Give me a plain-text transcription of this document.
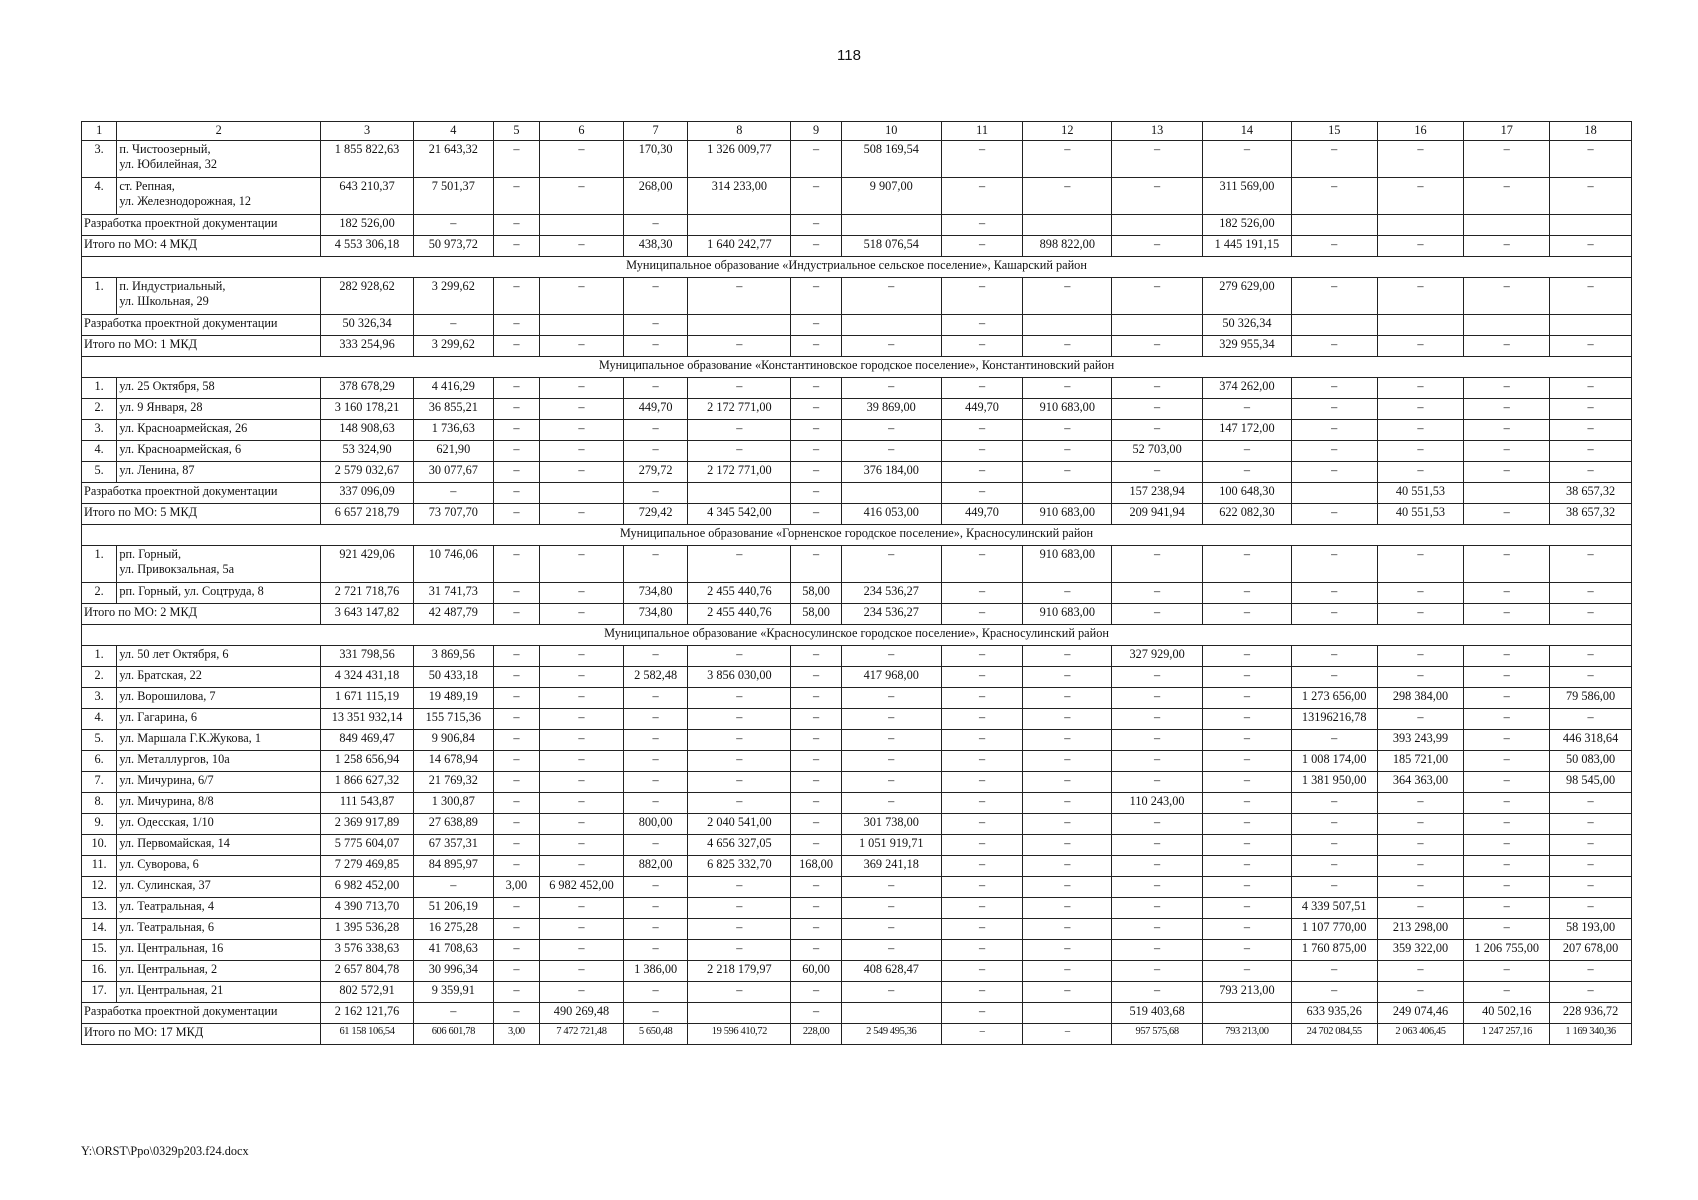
118
1	2	3	4	5	6	7	8	9	10	11	12	13	14	15	16	17	18
3.	п. Чистоозерный,
ул. Юбилейная, 32	1 855 822,63	21 643,32	–	–	170,30	1 326 009,77	–	508 169,54	–	–	–	–	–	–	–	–
4.	ст. Репная,
ул. Железнодорожная, 12	643 210,37	7 501,37	–	–	268,00	314 233,00	–	9 907,00	–	–	–	311 569,00	–	–	–	–
Разработка проектной документации		182 526,00	–	–		–		–		–			182 526,00				
Итого по МО: 4 МКД		4 553 306,18	50 973,72	–	–	438,30	1 640 242,77	–	518 076,54	–	898 822,00	–	1 445 191,15	–	–	–	–
Муниципальное образование «Индустриальное сельское поселение», Кашарский район																	
1.	п. Индустриальный,
ул. Школьная, 29	282 928,62	3 299,62	–	–	–	–	–	–	–	–	–	279 629,00	–	–	–	–
Разработка проектной документации		50 326,34	–	–		–		–		–			50 326,34				
Итого по МО: 1 МКД		333 254,96	3 299,62	–	–	–	–	–	–	–	–	–	329 955,34	–	–	–	–
Муниципальное образование «Константиновское городское поселение», Константиновский район																	
1.	ул. 25 Октября, 58	378 678,29	4 416,29	–	–	–	–	–	–	–	–	–	374 262,00	–	–	–	–
2.	ул. 9 Января, 28	3 160 178,21	36 855,21	–	–	449,70	2 172 771,00	–	39 869,00	449,70	910 683,00	–	–	–	–	–	–
3.	ул. Красноармейская, 26	148 908,63	1 736,63	–	–	–	–	–	–	–	–	–	147 172,00	–	–	–	–
4.	ул. Красноармейская, 6	53 324,90	621,90	–	–	–	–	–	–	–	–	52 703,00	–	–	–	–	–
5.	ул. Ленина, 87	2 579 032,67	30 077,67	–	–	279,72	2 172 771,00	–	376 184,00	–	–	–	–	–	–	–	–
Разработка проектной документации		337 096,09	–	–		–		–		–		157 238,94	100 648,30		40 551,53		38 657,32
Итого по МО: 5 МКД		6 657 218,79	73 707,70	–	–	729,42	4 345 542,00	–	416 053,00	449,70	910 683,00	209 941,94	622 082,30	–	40 551,53	–	38 657,32
Муниципальное образование «Горненское городское поселение», Красносулинский район																	
1.	рп. Горный,
ул. Привокзальная, 5а	921 429,06	10 746,06	–	–	–	–	–	–	–	910 683,00	–	–	–	–	–	–
2.	рп. Горный, ул. Соцтруда, 8	2 721 718,76	31 741,73	–	–	734,80	2 455 440,76	58,00	234 536,27	–	–	–	–	–	–	–	–
Итого по МО: 2 МКД		3 643 147,82	42 487,79	–	–	734,80	2 455 440,76	58,00	234 536,27	–	910 683,00	–	–	–	–	–	–
Муниципальное образование «Красносулинское городское поселение», Красносулинский район																	
1.	ул. 50 лет Октября, 6	331 798,56	3 869,56	–	–	–	–	–	–	–	–	327 929,00	–	–	–	–	–
2.	ул. Братская, 22	4 324 431,18	50 433,18	–	–	2 582,48	3 856 030,00	–	417 968,00	–	–	–	–	–	–	–	–
3.	ул. Ворошилова, 7	1 671 115,19	19 489,19	–	–	–	–	–	–	–	–	–	–	1 273 656,00	298 384,00	–	79 586,00
4.	ул. Гагарина, 6	13 351 932,14	155 715,36	–	–	–	–	–	–	–	–	–	–	13196216,78	–	–	–
5.	ул. Маршала Г.К.Жукова, 1	849 469,47	9 906,84	–	–	–	–	–	–	–	–	–	–	–	393 243,99	–	446 318,64
6.	ул. Металлургов, 10а	1 258 656,94	14 678,94	–	–	–	–	–	–	–	–	–	–	1 008 174,00	185 721,00	–	50 083,00
7.	ул. Мичурина, 6/7	1 866 627,32	21 769,32	–	–	–	–	–	–	–	–	–	–	1 381 950,00	364 363,00	–	98 545,00
8.	ул. Мичурина, 8/8	111 543,87	1 300,87	–	–	–	–	–	–	–	–	110 243,00	–	–	–	–	–
9.	ул. Одесская, 1/10	2 369 917,89	27 638,89	–	–	800,00	2 040 541,00	–	301 738,00	–	–	–	–	–	–	–	–
10.	ул. Первомайская, 14	5 775 604,07	67 357,31	–	–	–	4 656 327,05	–	1 051 919,71	–	–	–	–	–	–	–	–
11.	ул. Суворова, 6	7 279 469,85	84 895,97	–	–	882,00	6 825 332,70	168,00	369 241,18	–	–	–	–	–	–	–	–
12.	ул. Сулинская, 37	6 982 452,00	–	3,00	6 982 452,00	–	–	–	–	–	–	–	–	–	–	–	–
13.	ул. Театральная, 4	4 390 713,70	51 206,19	–	–	–	–	–	–	–	–	–	–	4 339 507,51	–	–	–
14.	ул. Театральная, 6	1 395 536,28	16 275,28	–	–	–	–	–	–	–	–	–	–	1 107 770,00	213 298,00	–	58 193,00
15.	ул. Центральная, 16	3 576 338,63	41 708,63	–	–	–	–	–	–	–	–	–	–	1 760 875,00	359 322,00	1 206 755,00	207 678,00
16.	ул. Центральная, 2	2 657 804,78	30 996,34	–	–	1 386,00	2 218 179,97	60,00	408 628,47	–	–	–	–	–	–	–	–
17.	ул. Центральная, 21	802 572,91	9 359,91	–	–	–	–	–	–	–	–	–	793 213,00	–	–	–	–
Разработка проектной документации		2 162 121,76	–	–	490 269,48	–		–		–		519 403,68		633 935,26	249 074,46	40 502,16	228 936,72
Итого по МО: 17 МКД		61 158 106,54	606 601,78	3,00	7 472 721,48	5 650,48	19 596 410,72	228,00	2 549 495,36	–	–	957 575,68	793 213,00	24 702 084,55	2 063 406,45	1 247 257,16	1 169 340,36
Y:\ORST\Ppo\0329p203.f24.docx
